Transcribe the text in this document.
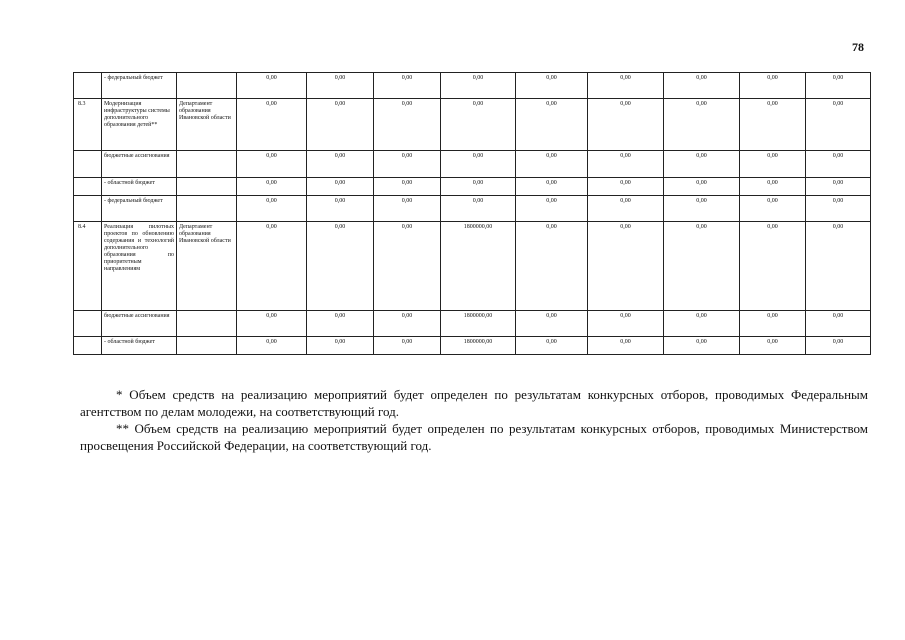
78
	- федеральный бюджет		0,00	0,00	0,00	0,00	0,00	0,00	0,00	0,00	0,00
8.3	Модернизация инфраструктуры системы дополнительного образования детей**	Департамент образования Ивановской области	0,00	0,00	0,00	0,00	0,00	0,00	0,00	0,00	0,00
	бюджетные ассигнования		0,00	0,00	0,00	0,00	0,00	0,00	0,00	0,00	0,00
	- областной бюджет		0,00	0,00	0,00	0,00	0,00	0,00	0,00	0,00	0,00
	- федеральный бюджет		0,00	0,00	0,00	0,00	0,00	0,00	0,00	0,00	0,00
8.4	Реализация пилотных проектов по обновлению содержания и технологий дополнительного образования по приоритетным направлениям	Департамент образования Ивановской области	0,00	0,00	0,00	1800000,00	0,00	0,00	0,00	0,00	0,00
	бюджетные ассигнования		0,00	0,00	0,00	1800000,00	0,00	0,00	0,00	0,00	0,00
	- областной бюджет		0,00	0,00	0,00	1800000,00	0,00	0,00	0,00	0,00	0,00

* Объем средств на реализацию мероприятий будет определен по результатам конкурсных отборов, проводимых Федеральным агентством по делам молодежи, на соответствующий год.

** Объем средств на реализацию мероприятий будет определен по результатам конкурсных отборов, проводимых Министерством просвещения Российской Федерации, на соответствующий год.
